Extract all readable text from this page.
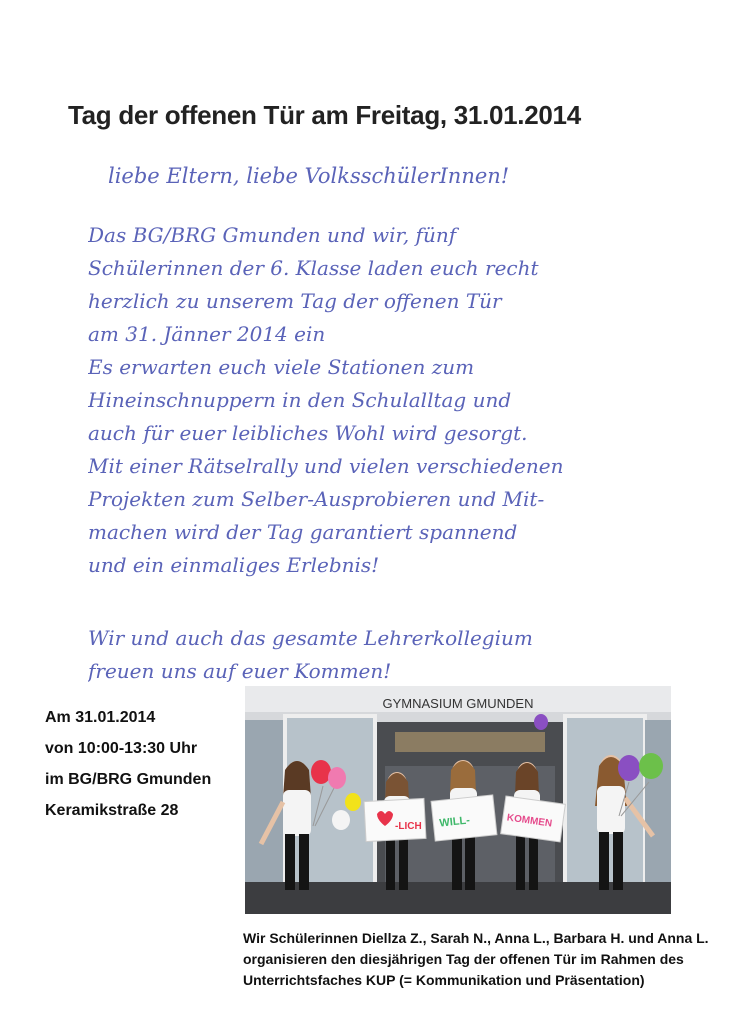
Tag der offenen Tür am Freitag, 31.01.2014
liebe Eltern, liebe VolksschülerInnen!
Das BG/BRG Gmunden und wir, fünf
Schülerinnen der 6. Klasse laden euch recht
herzlich zu unserem Tag der offenen Tür
am 31. Jänner 2014 ein
Es erwarten euch viele Stationen zum
Hineinschnuppern in den Schulalltag und
auch für euer leibliches Wohl wird gesorgt.
Mit einer Rätselrally und vielen verschiedenen
Projekten zum Selber-Ausprobieren und Mit-
machen wird der Tag garantiert spannend
und ein einmaliges Erlebnis!
Wir und auch das gesamte Lehrerkollegium
freuen uns auf euer Kommen!
Am 31.01.2014
von 10:00-13:30 Uhr
im BG/BRG Gmunden
Keramikstraße 28
GYMNASIUM GMUNDEN
-LICH WILL-	KOMMEN
Wir Schülerinnen Diellza Z., Sarah N., Anna L., Barbara H. und Anna L. organisieren den diesjährigen Tag der offenen Tür im Rahmen des Unterrichtsfaches KUP (= Kommunikation und Präsentation)
